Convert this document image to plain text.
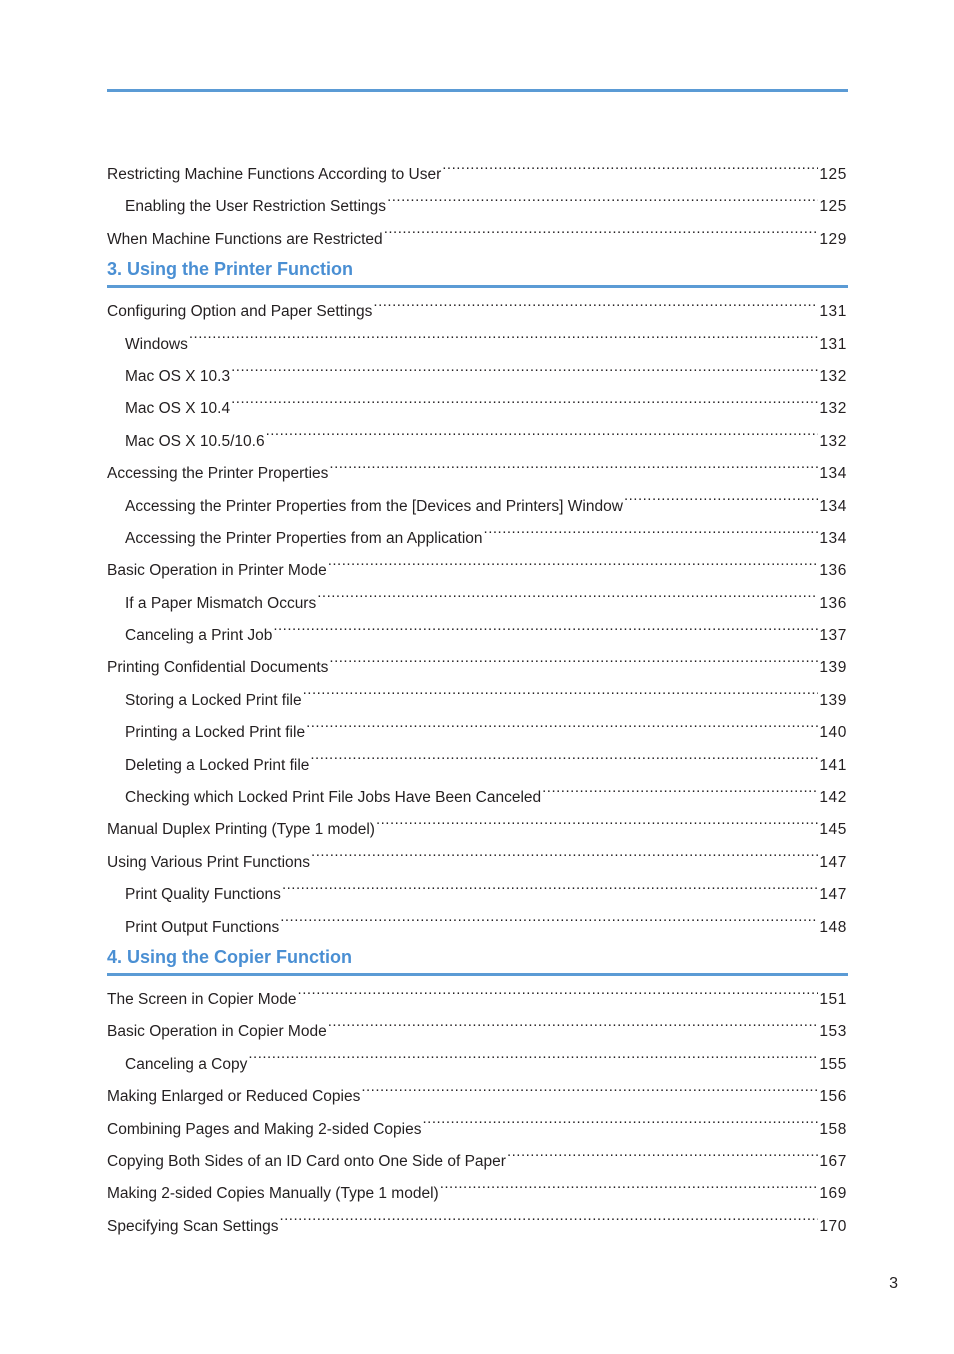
Restricting Machine Functions According to User .....	125
Enabling the User Restriction Settings .....	125
When Machine Functions are Restricted .....	129
3. Using the Printer Function
Configuring Option and Paper Settings .....	131
Windows .....	131
Mac OS X 10.3 .....	132
Mac OS X 10.4 .....	132
Mac OS X 10.5/10.6 .....	132
Accessing the Printer Properties .....	134
Accessing the Printer Properties from the [Devices and Printers] Window .....	134
Accessing the Printer Properties from an Application .....	134
Basic Operation in Printer Mode .....	136
If a Paper Mismatch Occurs .....	136
Canceling a Print Job .....	137
Printing Confidential Documents .....	139
Storing a Locked Print file .....	139
Printing a Locked Print file .....	140
Deleting a Locked Print file .....	141
Checking which Locked Print File Jobs Have Been Canceled .....	142
Manual Duplex Printing (Type 1 model) .....	145
Using Various Print Functions .....	147
Print Quality Functions .....	147
Print Output Functions .....	148
4. Using the Copier Function
The Screen in Copier Mode .....	151
Basic Operation in Copier Mode .....	153
Canceling a Copy .....	155
Making Enlarged or Reduced Copies .....	156
Combining Pages and Making 2-sided Copies .....	158
Copying Both Sides of an ID Card onto One Side of Paper .....	167
Making 2-sided Copies Manually (Type 1 model) .....	169
Specifying Scan Settings .....	170
3
